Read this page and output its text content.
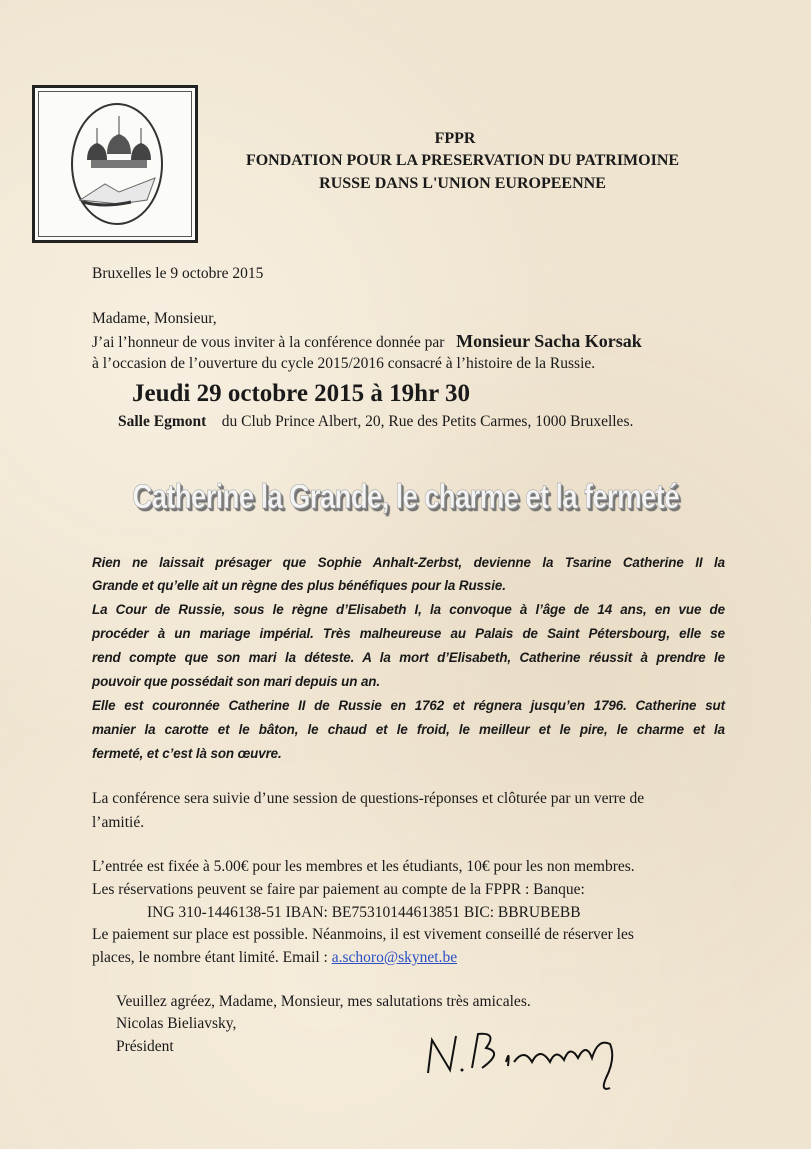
FPPR
FONDATION POUR LA PRESERVATION DU PATRIMOINE
RUSSE DANS L'UNION EUROPEENNE
Bruxelles le 9 octobre 2015
Madame, Monsieur,
J’ai l’honneur de vous inviter à la conférence donnée par Monsieur Sacha Korsak
à l’occasion de l’ouverture du cycle 2015/2016 consacré à l’histoire de la Russie.
Jeudi 29 octobre 2015 à 19hr 30
Salle Egmont du Club Prince Albert, 20, Rue des Petits Carmes, 1000 Bruxelles.
Catherine la Grande, le charme et la fermeté
Rien ne laissait présager que Sophie Anhalt-Zerbst, devienne la Tsarine Catherine II la
Grande et qu’elle ait un règne des plus bénéfiques pour la Russie.
La Cour de Russie, sous le règne d’Elisabeth I, la convoque à l’âge de 14 ans, en vue de
procéder à un mariage impérial. Très malheureuse au Palais de Saint Pétersbourg, elle se
rend compte que son mari la déteste. A la mort d’Elisabeth, Catherine réussit à prendre le
pouvoir que possédait son mari depuis un an.
Elle est couronnée Catherine II de Russie en 1762 et régnera jusqu’en 1796. Catherine sut
manier la carotte et le bâton, le chaud et le froid, le meilleur et le pire, le charme et la
fermeté, et c’est là son œuvre.
La conférence sera suivie d’une session de questions-réponses et clôturée par un verre de
l’amitié.
L’entrée est fixée à 5.00€ pour les membres et les étudiants, 10€ pour les non membres.
Les réservations peuvent se faire par paiement au compte de la FPPR : Banque:
ING 310-1446138-51 IBAN: BE75310144613851 BIC: BBRUBEBB
Le paiement sur place est possible. Néanmoins, il est vivement conseillé de réserver les
places, le nombre étant limité. Email : a.schoro@skynet.be
Veuillez agréez, Madame, Monsieur, mes salutations très amicales.
Nicolas Bieliavsky,
Président
